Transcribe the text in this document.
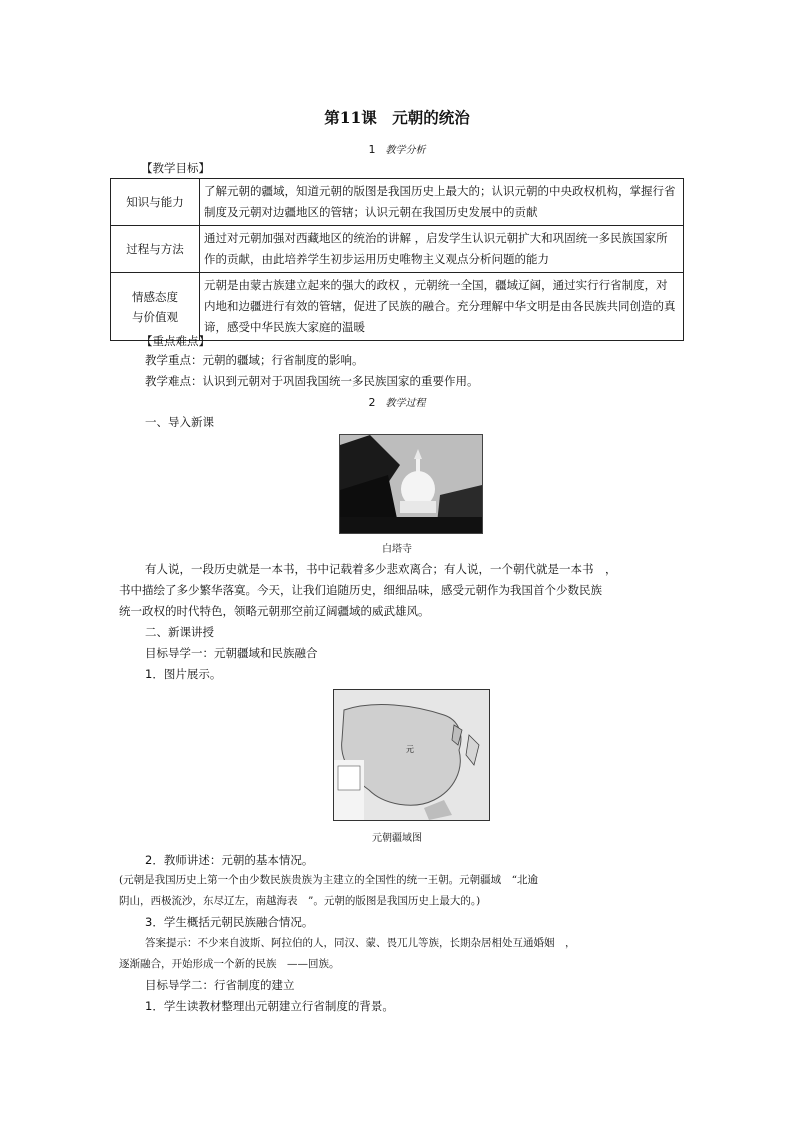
第11课　元朝的统治
1 教学分析
【教学目标】
知识与能力	了解元朝的疆域，知道元朝的版图是我国历史上最大的；认识元朝的中央政权机构，掌握行省制度及元朝对边疆地区的管辖；认识元朝在我国历史发展中的贡献
过程与方法	通过对元朝加强对西藏地区的统治的讲解 ，启发学生认识元朝扩大和巩固统一多民族国家所作的贡献，由此培养学生初步运用历史唯物主义观点分析问题的能力
情感态度
与价值观	元朝是由蒙古族建立起来的强大的政权 ，元朝统一全国，疆域辽阔，通过实行行省制度，对内地和边疆进行有效的管辖，促进了民族的融合。充分理解中华文明是由各民族共同创造的真谛，感受中华民族大家庭的温暖
【重点难点】
教学重点：元朝的疆域；行省制度的影响。
教学难点：认识到元朝对于巩固我国统一多民族国家的重要作用。
2 教学过程
一、导入新课
白塔寺
有人说，一段历史就是一本书，书中记载着多少悲欢离合；有人说，一个朝代就是一本书　，
书中描绘了多少繁华落寞。今天，让我们追随历史，细细品味，感受元朝作为我国首个少数民族
统一政权的时代特色，领略元朝那空前辽阔疆域的威武雄风。
二、新课讲授
目标导学一：元朝疆域和民族融合
1．图片展示。
元
元朝疆域图
2．教师讲述：元朝的基本情况。
(元朝是我国历史上第一个由少数民族贵族为主建立的全国性的统一王朝。元朝疆域　“北逾
阴山，西极流沙，东尽辽左，南越海表　”。元朝的版图是我国历史上最大的。)
3．学生概括元朝民族融合情况。
答案提示：不少来自波斯、阿拉伯的人，同汉、蒙、畏兀儿等族，长期杂居相处互通婚姻　，
逐渐融合，开始形成一个新的民族　——回族。
目标导学二：行省制度的建立
1．学生读教材整理出元朝建立行省制度的背景。
